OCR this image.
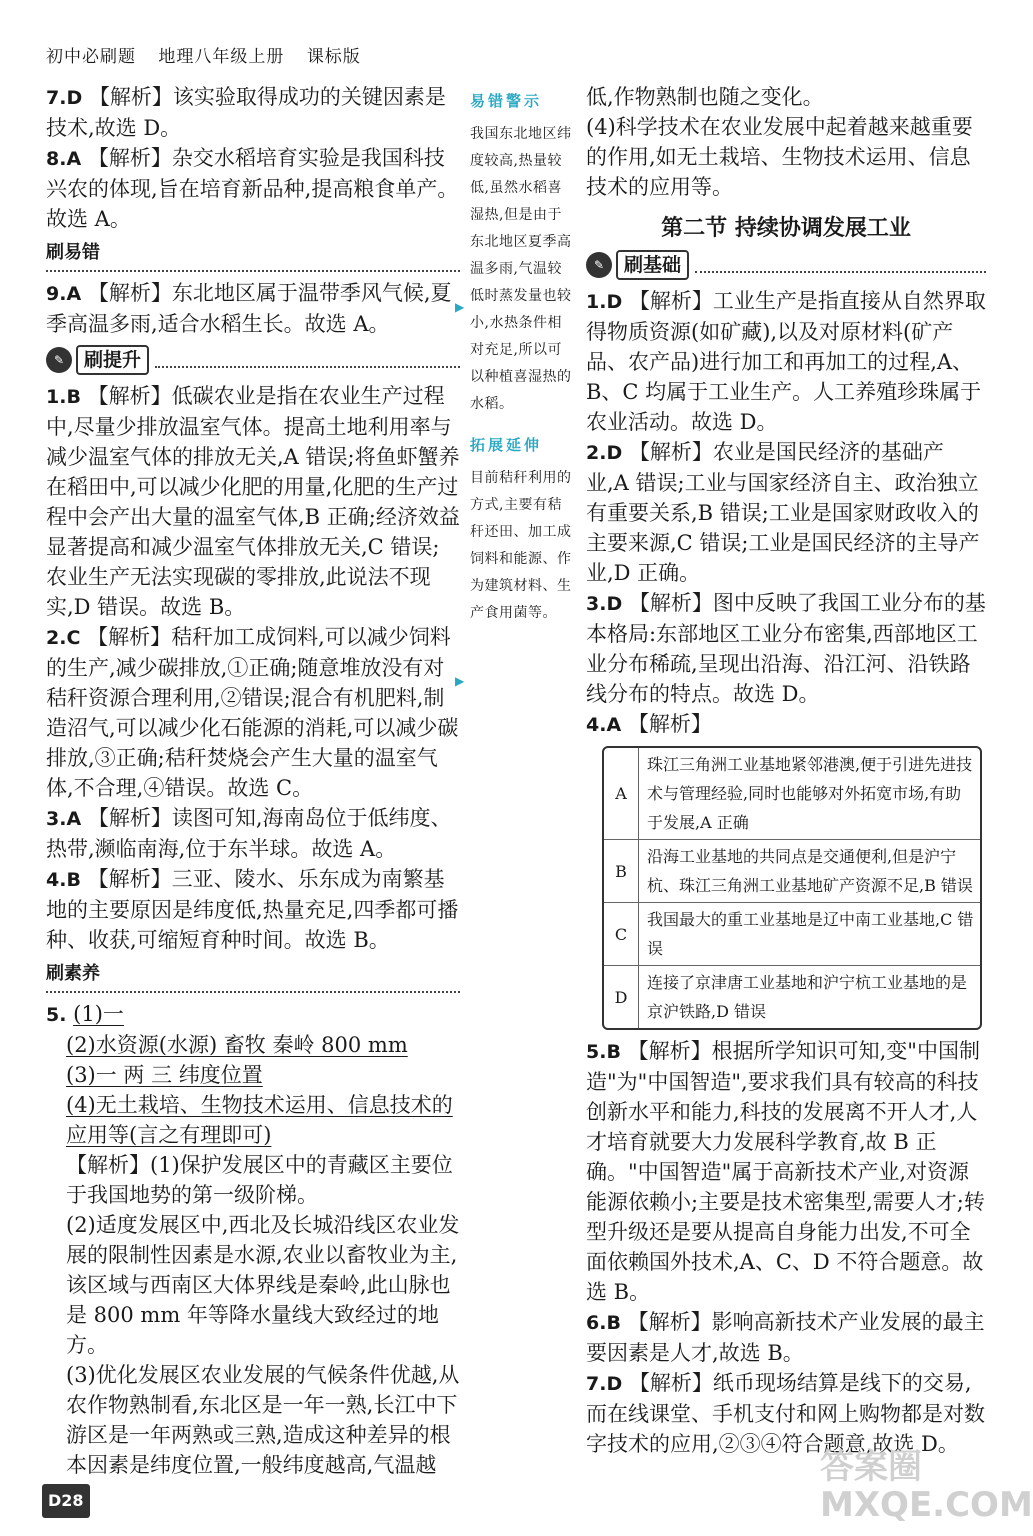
初中必刷题 地理八年级上册 课标版

7.D 【解析】该实验取得成功的关键因素是技术,故选 D。

8.A 【解析】杂交水稻培育实验是我国科技兴农的体现,旨在培育新品种,提高粮食单产。故选 A。

刷易错

9.A 【解析】东北地区属于温带季风气候,夏季高温多雨,适合水稻生长。故选 A。

✎	刷提升

1.B 【解析】低碳农业是指在农业生产过程中,尽量少排放温室气体。提高土地利用率与减少温室气体的排放无关,A 错误;将鱼虾蟹养在稻田中,可以减少化肥的用量,化肥的生产过程中会产出大量的温室气体,B 正确;经济效益显著提高和减少温室气体排放无关,C 错误;农业生产无法实现碳的零排放,此说法不现实,D 错误。故选 B。

2.C 【解析】秸秆加工成饲料,可以减少饲料的生产,减少碳排放,①正确;随意堆放没有对秸秆资源合理利用,②错误;混合有机肥料,制造沼气,可以减少化石能源的消耗,可以减少碳排放,③正确;秸秆焚烧会产生大量的温室气体,不合理,④错误。故选 C。

3.A 【解析】读图可知,海南岛位于低纬度、热带,濒临南海,位于东半球。故选 A。

4.B 【解析】三亚、陵水、乐东成为南繁基地的主要原因是纬度低,热量充足,四季都可播种、收获,可缩短育种时间。故选 B。

刷素养

5. (1)一

(2)水资源(水源) 畜牧 秦岭 800 mm

(3)一 两 三 纬度位置

(4)无土栽培、生物技术运用、信息技术的应用等(言之有理即可)

【解析】(1)保护发展区中的青藏区主要位于我国地势的第一级阶梯。

(2)适度发展区中,西北及长城沿线区农业发展的限制性因素是水源,农业以畜牧业为主,该区域与西南区大体界线是秦岭,此山脉也是 800 mm 年等降水量线大致经过的地方。

(3)优化发展区农业发展的气候条件优越,从农作物熟制看,东北区是一年一熟,长江中下游区是一年两熟或三熟,造成这种差异的根本因素是纬度位置,一般纬度越高,气温越

易错警示
我国东北地区纬度较高,热量较低,虽然水稻喜湿热,但是由于东北地区夏季高温多雨,气温较低时蒸发量也较小,水热条件相对充足,所以可以种植喜湿热的水稻。
拓展延伸
目前秸秆利用的方式,主要有秸秆还田、加工成饲料和能源、作为建筑材料、生产食用菌等。
▶
▶

低,作物熟制也随之变化。

(4)科学技术在农业发展中起着越来越重要的作用,如无土栽培、生物技术运用、信息技术的应用等。

第二节 持续协调发展工业
✎	刷基础

1.D 【解析】工业生产是指直接从自然界取得物质资源(如矿藏),以及对原材料(矿产品、农产品)进行加工和再加工的过程,A、B、C 均属于工业生产。人工养殖珍珠属于农业活动。故选 D。

2.D 【解析】农业是国民经济的基础产业,A 错误;工业与国家经济自主、政治独立有重要关系,B 错误;工业是国家财政收入的主要来源,C 错误;工业是国民经济的主导产业,D 正确。

3.D 【解析】图中反映了我国工业分布的基本格局:东部地区工业分布密集,西部地区工业分布稀疏,呈现出沿海、沿江河、沿铁路线分布的特点。故选 D。

4.A 【解析】

A
珠江三角洲工业基地紧邻港澳,便于引进先进技术与管理经验,同时也能够对外拓宽市场,有助于发展,A 正确
B
沿海工业基地的共同点是交通便利,但是沪宁杭、珠江三角洲工业基地矿产资源不足,B 错误
C
我国最大的重工业基地是辽中南工业基地,C 错误
D
连接了京津唐工业基地和沪宁杭工业基地的是京沪铁路,D 错误

5.B 【解析】根据所学知识可知,变"中国制造"为"中国智造",要求我们具有较高的科技创新水平和能力,科技的发展离不开人才,人才培育就要大力发展科学教育,故 B 正确。"中国智造"属于高新技术产业,对资源能源依赖小;主要是技术密集型,需要人才;转型升级还是要从提高自身能力出发,不可全面依赖国外技术,A、C、D 不符合题意。故选 B。

6.B 【解析】影响高新技术产业发展的最主要因素是人才,故选 B。

7.D 【解析】纸币现场结算是线下的交易,而在线课堂、手机支付和网上购物都是对数字技术的应用,②③④符合题意,故选 D。

D28
答案圈 MXQE.COM
